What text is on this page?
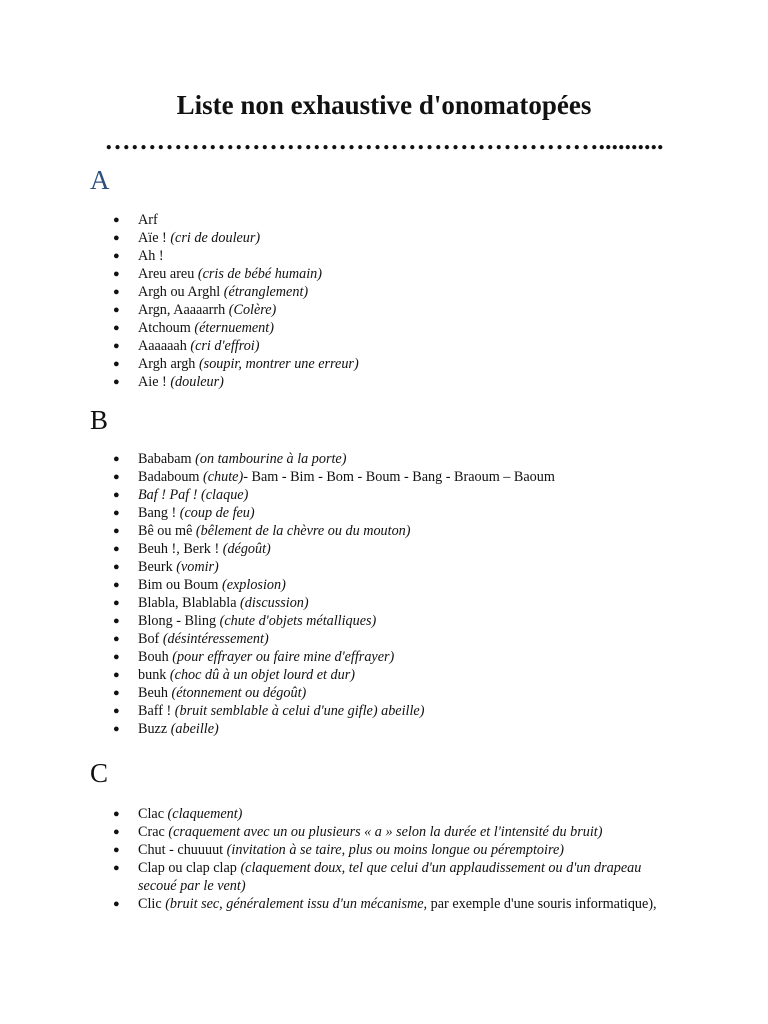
Liste non exhaustive d'onomatopées
…………………………………………………..........
A
●	Arf
●	Aïe ! (cri de douleur)
●	Ah !
●	Areu areu (cris de bébé humain)
●	Argh ou Arghl (étranglement)
●	Argn, Aaaaarrh (Colère)
●	Atchoum (éternuement)
●	Aaaaaah (cri d'effroi)
●	Argh argh (soupir, montrer une erreur)
●	Aie ! (douleur)
B
●	Bababam (on tambourine à la porte)
●	Badaboum (chute)- Bam - Bim - Bom - Boum - Bang - Braoum – Baoum
●	Baf ! Paf ! (claque)
●	Bang ! (coup de feu)
●	Bê ou mê (bêlement de la chèvre ou du mouton)
●	Beuh !, Berk ! (dégoût)
●	Beurk (vomir)
●	Bim ou Boum (explosion)
●	Blabla, Blablabla (discussion)
●	Blong - Bling (chute d'objets métalliques)
●	Bof (désintéressement)
●	Bouh (pour effrayer ou faire mine d'effrayer)
●	bunk (choc dû à un objet lourd et dur)
●	Beuh (étonnement ou dégoût)
●	Baff ! (bruit semblable à celui d'une gifle) abeille)
●	Buzz (abeille)
C
●	Clac (claquement)
●	Crac (craquement avec un ou plusieurs « a » selon la durée et l'intensité du bruit)
●	Chut - chuuuut (invitation à se taire, plus ou moins longue ou péremptoire)
●	Clap ou clap clap (claquement doux, tel que celui d'un applaudissement ou d'un drapeau secoué par le vent)
●	Clic (bruit sec, généralement issu d'un mécanisme, par exemple d'une souris informatique),
